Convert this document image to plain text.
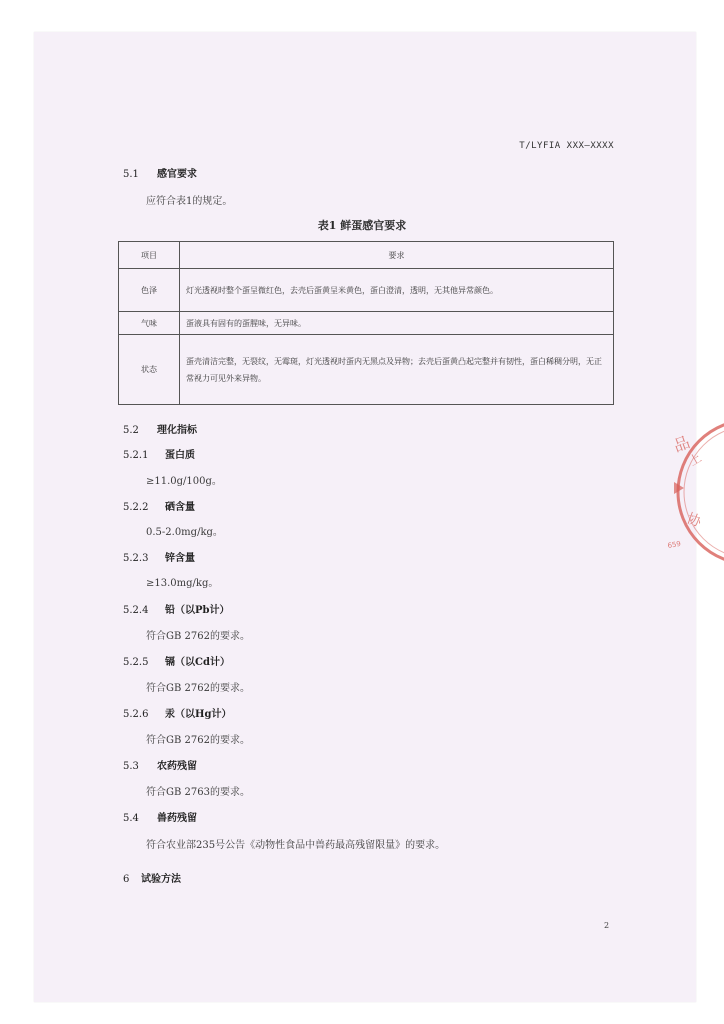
品
上
协
659
T/LYFIA XXX—XXXX
5.1 感官要求
应符合表1的规定。
表1 鲜蛋感官要求
项目	要求
色泽	灯光透视时整个蛋呈微红色，去壳后蛋黄呈米黄色，蛋白澄清，透明，无其他异常颜色。
气味	蛋液具有固有的蛋腥味，无异味。
状态	蛋壳清洁完整，无裂纹，无霉斑，灯光透视时蛋内无黑点及异物；去壳后蛋黄凸起完整并有韧性，蛋白稀稠分明，无正常视力可见外来异物。
5.2 理化指标
5.2.1 蛋白质
≥11.0g/100g。
5.2.2 硒含量
0.5-2.0mg/kg。
5.2.3 锌含量
≥13.0mg/kg。
5.2.4 铅（以Pb计）
符合GB 2762的要求。
5.2.5 镉（以Cd计）
符合GB 2762的要求。
5.2.6 汞（以Hg计）
符合GB 2762的要求。
5.3 农药残留
符合GB 2763的要求。
5.4 兽药残留
符合农业部235号公告《动物性食品中兽药最高残留限量》的要求。
6 试验方法
2
